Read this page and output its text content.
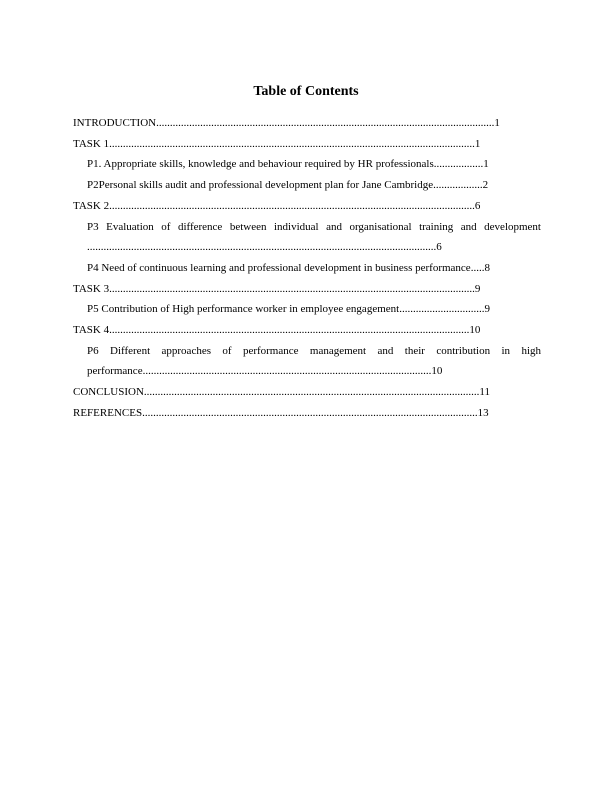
Table of Contents
INTRODUCTION...........................................................................................................................1
TASK 1.....................................................................................................................................1
P1. Appropriate skills, knowledge and behaviour required by HR professionals..................1
P2Personal skills audit and professional development plan for Jane Cambridge..................2
TASK 2.....................................................................................................................................6
P3 Evaluation of difference between individual and organisational training and development
...............................................................................................................................6
P4 Need of continuous learning and professional development in business performance.....8
TASK 3.....................................................................................................................................9
P5 Contribution of High performance worker in employee engagement...............................9
TASK 4...................................................................................................................................10
P6 Different approaches of performance management and their contribution in high
performance.........................................................................................................10
CONCLUSION..........................................................................................................................11
REFERENCES..........................................................................................................................13
